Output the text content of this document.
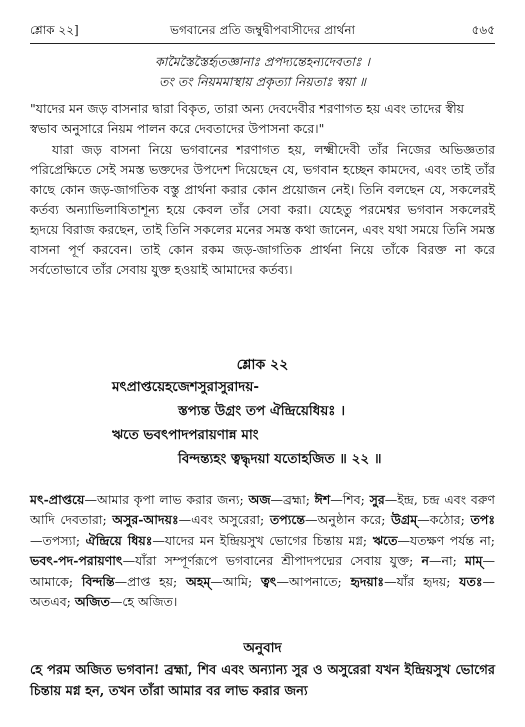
শ্লোক ২২]	ভগবানের প্রতি জম্বুদ্বীপবাসীদের প্রার্থনা	৫৬৫
কামৈস্তৈস্তৈর্হৃতজ্ঞানাঃ প্রপদ্যন্তেহন্যদেবতাঃ ।
তং তং নিয়মমাস্থায় প্রকৃত্যা নিয়তাঃ স্বয়া ॥
"যাদের মন জড় বাসনার দ্বারা বিকৃত, তারা অন্য দেবদেবীর শরণাগত হয় এবং তাদের স্বীয় স্বভাব অনুসারে নিয়ম পালন করে দেবতাদের উপাসনা করে।"
যারা জড় বাসনা নিয়ে ভগবানের শরণাগত হয়, লক্ষ্মীদেবী তাঁর নিজের অভিজ্ঞতার পরিপ্রেক্ষিতে সেই সমস্ত ভক্তদের উপদেশ দিয়েছেন যে, ভগবান হচ্ছেন কামদেব, এবং তাই তাঁর কাছে কোন জড়-জাগতিক বস্তু প্রার্থনা করার কোন প্রয়োজন নেই। তিনি বলছেন যে, সকলেরই কর্তব্য অন্যাভিলাষিতাশূন্য হয়ে কেবল তাঁর সেবা করা। যেহেতু পরমেশ্বর ভগবান সকলেরই হৃদয়ে বিরাজ করছেন, তাই তিনি সকলের মনের সমস্ত কথা জানেন, এবং যথা সময়ে তিনি সমস্ত বাসনা পূর্ণ করবেন। তাই কোন রকম জড়-জাগতিক প্রার্থনা নিয়ে তাঁকে বিরক্ত না করে সর্বতোভাবে তাঁর সেবায় যুক্ত হওয়াই আমাদের কর্তব্য।
শ্লোক ২২
মৎপ্রাপ্তয়েহজেশসুরাসুরাদয়-
স্তপ্যন্ত উগ্রং তপ ঐন্দ্রিয়েধিয়ঃ ।
ঋতে ভবৎপাদপরায়ণান্ন মাং
বিন্দন্ত্যহং ত্বদ্ধৃদয়া যতোহজিত ॥ ২২ ॥
মৎ-প্রাপ্তয়ে—আমার কৃপা লাভ করার জন্য; অজ—ব্রহ্মা; ঈশ—শিব; সুর—ইন্দ্র, চন্দ্র এবং বরুণ আদি দেবতারা; অসুর-আদয়ঃ—এবং অসুরেরা; তপ্যন্তে—অনুষ্ঠান করে; উগ্রম্—কঠোর; তপঃ—তপস্যা; ঐন্দ্রিয়ে ধিয়ঃ—যাদের মন ইন্দ্রিয়সুখ ভোগের চিন্তায় মগ্ন; ঋতে—যতক্ষণ পর্যন্ত না; ভবৎ-পদ-পরায়ণাৎ—যাঁরা সম্পূর্ণরূপে ভগবানের শ্রীপাদপদ্মের সেবায় যুক্ত; ন—না; মাম্—আমাকে; বিন্দন্তি—প্রাপ্ত হয়; অহম্—আমি; ত্বৎ—আপনাতে; হৃদয়াঃ—যাঁর হৃদয়; যতঃ—অতএব; অজিত—হে অজিত।
অনুবাদ
হে পরম অজিত ভগবান! ব্রহ্মা, শিব এবং অন্যান্য সুর ও অসুরেরা যখন ইন্দ্রিয়সুখ ভোগের চিন্তায় মগ্ন হন, তখন তাঁরা আমার বর লাভ করার জন্য
